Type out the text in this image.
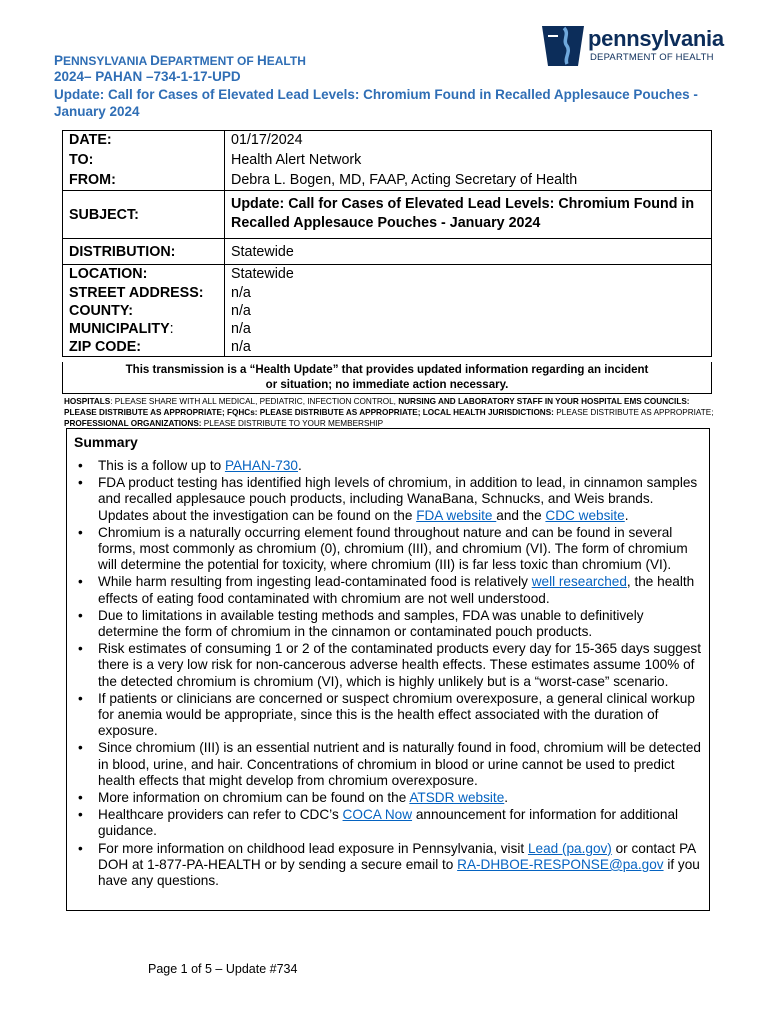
pennsylvania
DEPARTMENT OF HEALTH
PENNSYLVANIA DEPARTMENT OF HEALTH
2024– PAHAN –734-1-17-UPD
Update: Call for Cases of Elevated Lead Levels: Chromium Found in Recalled Applesauce Pouches - January 2024
DATE:	01/17/2024
TO:	Health Alert Network
FROM:	Debra L. Bogen, MD, FAAP, Acting Secretary of Health
SUBJECT:	Update: Call for Cases of Elevated Lead Levels: Chromium Found in Recalled Applesauce Pouches - January 2024
DISTRIBUTION:	Statewide
LOCATION:	Statewide
STREET ADDRESS:	n/a
COUNTY:	n/a
MUNICIPALITY:	n/a
ZIP CODE:	n/a
This transmission is a “Health Update” that provides updated information regarding an incident
or situation; no immediate action necessary.
HOSPITALS: PLEASE SHARE WITH ALL MEDICAL, PEDIATRIC, INFECTION CONTROL, NURSING AND LABORATORY STAFF IN YOUR HOSPITAL EMS COUNCILS: PLEASE DISTRIBUTE AS APPROPRIATE; FQHCs: PLEASE DISTRIBUTE AS APPROPRIATE; LOCAL HEALTH JURISDICTIONS: PLEASE DISTRIBUTE AS APPROPRIATE; PROFESSIONAL ORGANIZATIONS: PLEASE DISTRIBUTE TO YOUR MEMBERSHIP
Summary
• This is a follow up to PAHAN-730.
• FDA product testing has identified high levels of chromium, in addition to lead, in cinnamon samples and recalled applesauce pouch products, including WanaBana, Schnucks, and Weis brands. Updates about the investigation can be found on the FDA website and the CDC website.
• Chromium is a naturally occurring element found throughout nature and can be found in several forms, most commonly as chromium (0), chromium (III), and chromium (VI). The form of chromium will determine the potential for toxicity, where chromium (III) is far less toxic than chromium (VI).
• While harm resulting from ingesting lead-contaminated food is relatively well researched, the health effects of eating food contaminated with chromium are not well understood.
• Due to limitations in available testing methods and samples, FDA was unable to definitively determine the form of chromium in the cinnamon or contaminated pouch products.
• Risk estimates of consuming 1 or 2 of the contaminated products every day for 15-365 days suggest there is a very low risk for non-cancerous adverse health effects. These estimates assume 100% of the detected chromium is chromium (VI), which is highly unlikely but is a “worst-case” scenario.
• If patients or clinicians are concerned or suspect chromium overexposure, a general clinical workup for anemia would be appropriate, since this is the health effect associated with the duration of exposure.
• Since chromium (III) is an essential nutrient and is naturally found in food, chromium will be detected in blood, urine, and hair. Concentrations of chromium in blood or urine cannot be used to predict health effects that might develop from chromium overexposure.
• More information on chromium can be found on the ATSDR website.
• Healthcare providers can refer to CDC’s COCA Now announcement for information for additional guidance.
• For more information on childhood lead exposure in Pennsylvania, visit Lead (pa.gov) or contact PA DOH at 1-877-PA-HEALTH or by sending a secure email to RA-DHBOE-RESPONSE@pa.gov if you have any questions.
Page 1 of 5 – Update #734
